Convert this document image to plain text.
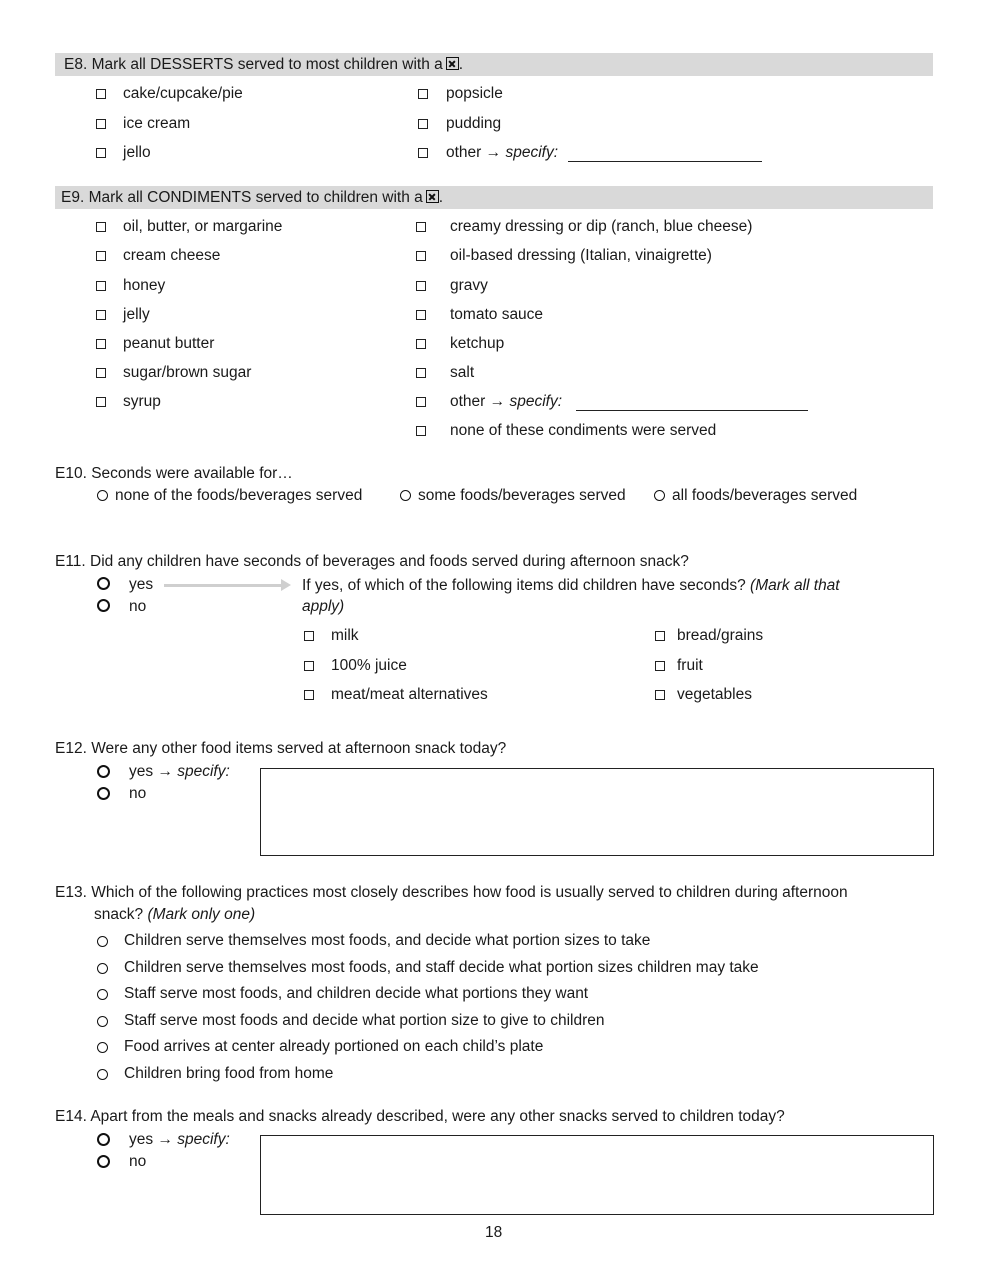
E8. Mark all DESSERTS served to most children with a .
cake/cupcake/pie
ice cream
jello
popsicle
pudding
other → specify:
E9. Mark all CONDIMENTS served to children with a .
oil, butter, or margarine
cream cheese
honey
jelly
peanut butter
sugar/brown sugar
syrup
creamy dressing or dip (ranch, blue cheese)
oil-based dressing (Italian, vinaigrette)
gravy
tomato sauce
ketchup
salt
other → specify:
none of these condiments were served
E10. Seconds were available for…
none of the foods/beverages served	some foods/beverages served	all foods/beverages served
E11. Did any children have seconds of beverages and foods served during afternoon snack?
yes
no
If yes, of which of the following items did children have seconds? (Mark all that
apply)
milk
100% juice
meat/meat alternatives
bread/grains
fruit
vegetables
E12. Were any other food items served at afternoon snack today?
yes → specify:
no
E13. Which of the following practices most closely describes how food is usually served to children during afternoon
snack? (Mark only one)
Children serve themselves most foods, and decide what portion sizes to take
Children serve themselves most foods, and staff decide what portion sizes children may take
Staff serve most foods, and children decide what portions they want
Staff serve most foods and decide what portion size to give to children
Food arrives at center already portioned on each child’s plate
Children bring food from home
E14. Apart from the meals and snacks already described, were any other snacks served to children today?
yes → specify:
no
18
